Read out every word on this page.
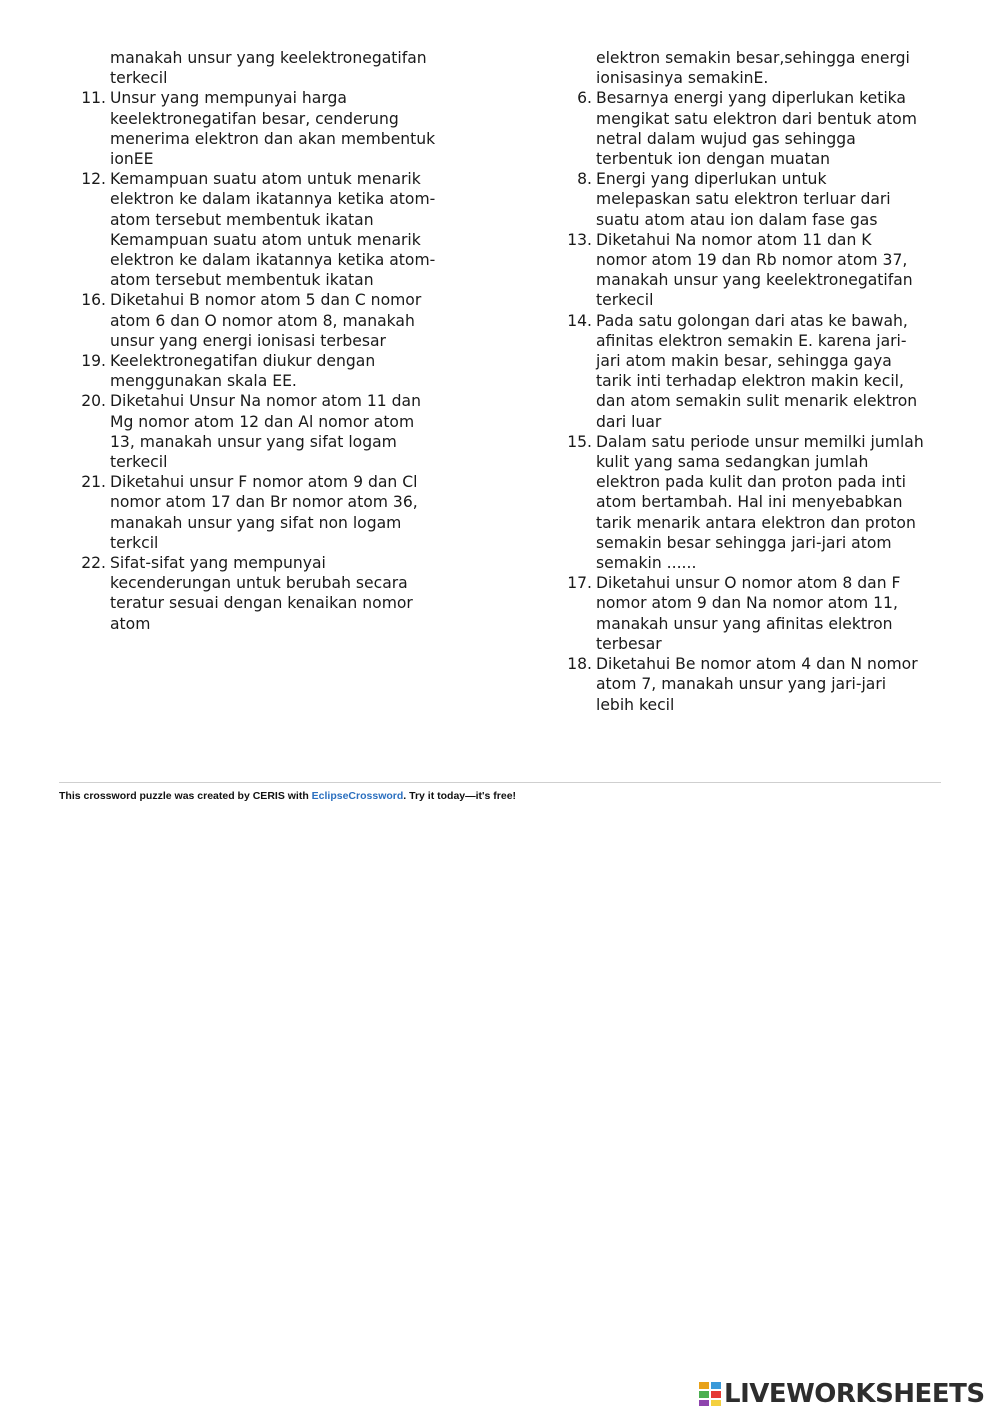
manakah unsur yang keelektronegatifan
terkecil
11. Unsur yang mempunyai harga
keelektronegatifan besar, cenderung
menerima elektron dan akan membentuk
ionEE
12. Kemampuan suatu atom untuk menarik
elektron ke dalam ikatannya ketika atom-
atom tersebut membentuk ikatan
Kemampuan suatu atom untuk menarik
elektron ke dalam ikatannya ketika atom-
atom tersebut membentuk ikatan
16. Diketahui B nomor atom 5 dan C nomor
atom 6 dan O nomor atom 8, manakah
unsur yang energi ionisasi terbesar
19. Keelektronegatifan diukur dengan
menggunakan skala EE.
20. Diketahui Unsur Na nomor atom 11 dan
Mg nomor atom 12 dan Al nomor atom
13, manakah unsur yang sifat logam
terkecil
21. Diketahui unsur F nomor atom 9 dan Cl
nomor atom 17 dan Br nomor atom 36,
manakah unsur yang sifat non logam
terkcil
22. Sifat-sifat yang mempunyai
kecenderungan untuk berubah secara
teratur sesuai dengan kenaikan nomor
atom
elektron semakin besar,sehingga energi
ionisasinya semakinE.
6. Besarnya energi yang diperlukan ketika
mengikat satu elektron dari bentuk atom
netral dalam wujud gas sehingga
terbentuk ion dengan muatan
8. Energi yang diperlukan untuk
melepaskan satu elektron terluar dari
suatu atom atau ion dalam fase gas
13. Diketahui Na nomor atom 11 dan K
nomor atom 19 dan Rb nomor atom 37,
manakah unsur yang keelektronegatifan
terkecil
14. Pada satu golongan dari atas ke bawah,
afinitas elektron semakin E. karena jari-
jari atom makin besar, sehingga gaya
tarik inti terhadap elektron makin kecil,
dan atom semakin sulit menarik elektron
dari luar
15. Dalam satu periode unsur memilki jumlah
kulit yang sama sedangkan jumlah
elektron pada kulit dan proton pada inti
atom bertambah. Hal ini menyebabkan
tarik menarik antara elektron dan proton
semakin besar sehingga jari-jari atom
semakin ......
17. Diketahui unsur O nomor atom 8 dan F
nomor atom 9 dan Na nomor atom 11,
manakah unsur yang afinitas elektron
terbesar
18. Diketahui Be nomor atom 4 dan N nomor
atom 7, manakah unsur yang jari-jari
lebih kecil
This crossword puzzle was created by CERIS with EclipseCrossword. Try it today—it's free!
LIVEWORKSHEETS
